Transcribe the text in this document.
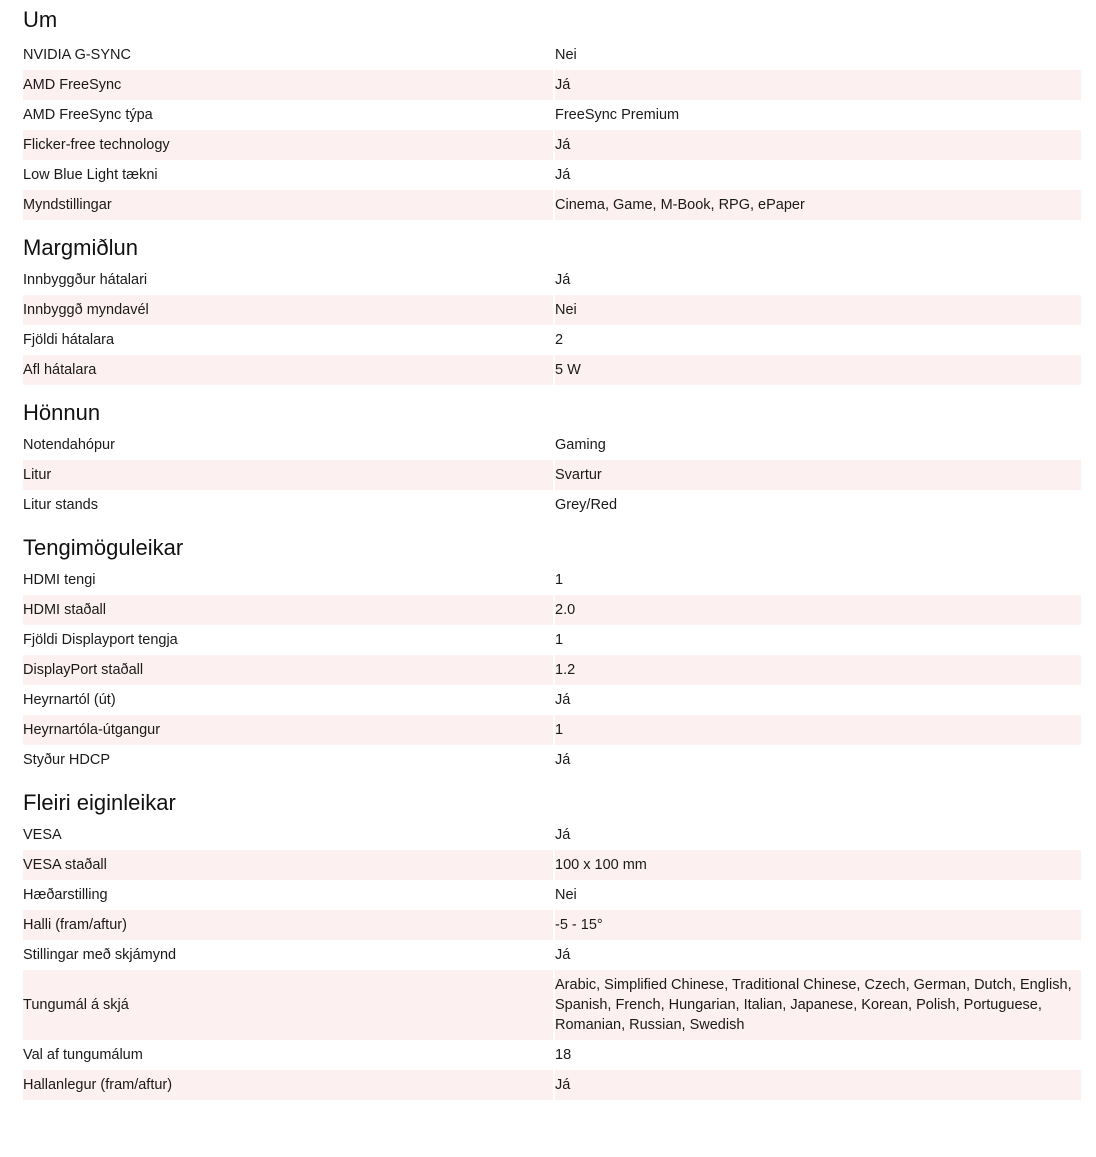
Um
NVIDIA G-SYNC	Nei
AMD FreeSync	Já
AMD FreeSync týpa	FreeSync Premium
Flicker-free technology	Já
Low Blue Light tækni	Já
Myndstillingar	Cinema, Game, M-Book, RPG, ePaper
Margmiðlun
Innbyggður hátalari	Já
Innbyggð myndavél	Nei
Fjöldi hátalara	2
Afl hátalara	5 W
Hönnun
Notendahópur	Gaming
Litur	Svartur
Litur stands	Grey/Red
Tengimöguleikar
HDMI tengi	1
HDMI staðall	2.0
Fjöldi Displayport tengja	1
DisplayPort staðall	1.2
Heyrnartól (út)	Já
Heyrnartóla-útgangur	1
Styður HDCP	Já
Fleiri eiginleikar
VESA	Já
VESA staðall	100 x 100 mm
Hæðarstilling	Nei
Halli (fram/aftur)	-5 - 15°
Stillingar með skjámynd	Já
Tungumál á skjá	Arabic, Simplified Chinese, Traditional Chinese, Czech, German, Dutch, English, Spanish, French, Hungarian, Italian, Japanese, Korean, Polish, Portuguese, Romanian, Russian, Swedish
Val af tungumálum	18
Hallanlegur (fram/aftur)	Já
